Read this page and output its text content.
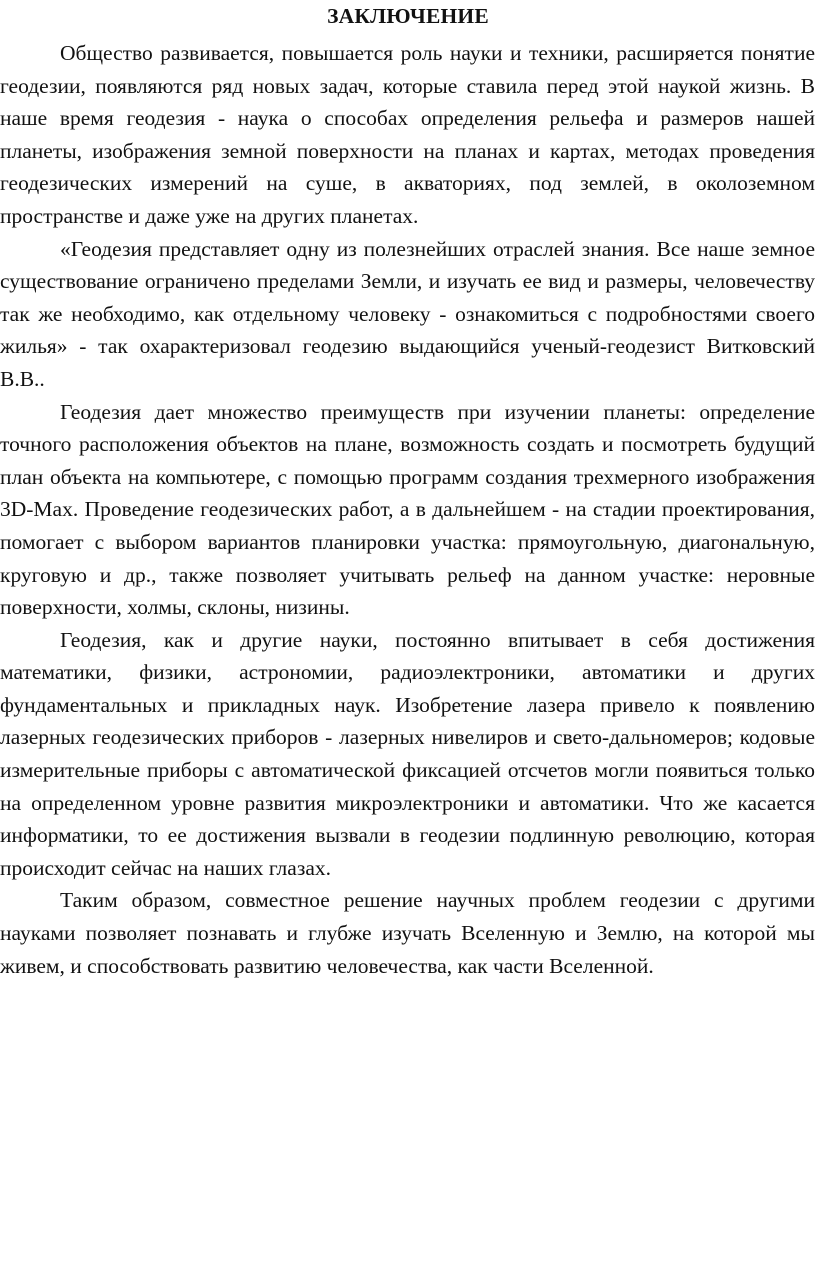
ЗАКЛЮЧЕНИЕ

Общество развивается, повышается роль науки и техники, расширяется понятие геодезии, появляются ряд новых задач, которые ставила перед этой наукой жизнь. В наше время геодезия - наука о способах определения рельефа и размеров нашей планеты, изображения земной поверхности на планах и картах, методах проведения геодезических измерений на суше, в акваториях, под землей, в околоземном пространстве и даже уже на других планетах.

«Геодезия представляет одну из полезнейших отраслей знания. Все наше земное существование ограничено пределами Земли, и изучать ее вид и размеры, человечеству так же необходимо, как отдельному человеку - ознакомиться с подробностями своего жилья» - так охарактеризовал геодезию выдающийся ученый-геодезист Витковский В.В..

Геодезия дает множество преимуществ при изучении планеты: определение точного расположения объектов на плане, возможность создать и посмотреть будущий план объекта на компьютере, с помощью программ создания трехмерного изображения 3D-Max. Проведение геодезических работ, а в дальнейшем - на стадии проектирования, помогает с выбором вариантов планировки участка: прямоугольную, диагональную, круговую и др., также позволяет учитывать рельеф на данном участке: неровные поверхности, холмы, склоны, низины.

Геодезия, как и другие науки, постоянно впитывает в себя достижения математики, физики, астрономии, радиоэлектроники, автоматики и других фундаментальных и прикладных наук. Изобретение лазера привело к появлению лазерных геодезических приборов - лазерных нивелиров и свето-дальномеров; кодовые измерительные приборы с автоматической фиксацией отсчетов могли появиться только на определенном уровне развития микроэлектроники и автоматики. Что же касается информатики, то ее достижения вызвали в геодезии подлинную революцию, которая происходит сейчас на наших глазах.

Таким образом, совместное решение научных проблем геодезии с другими науками позволяет познавать и глубже изучать Вселенную и Землю, на которой мы живем, и способствовать развитию человечества, как части Вселенной.
